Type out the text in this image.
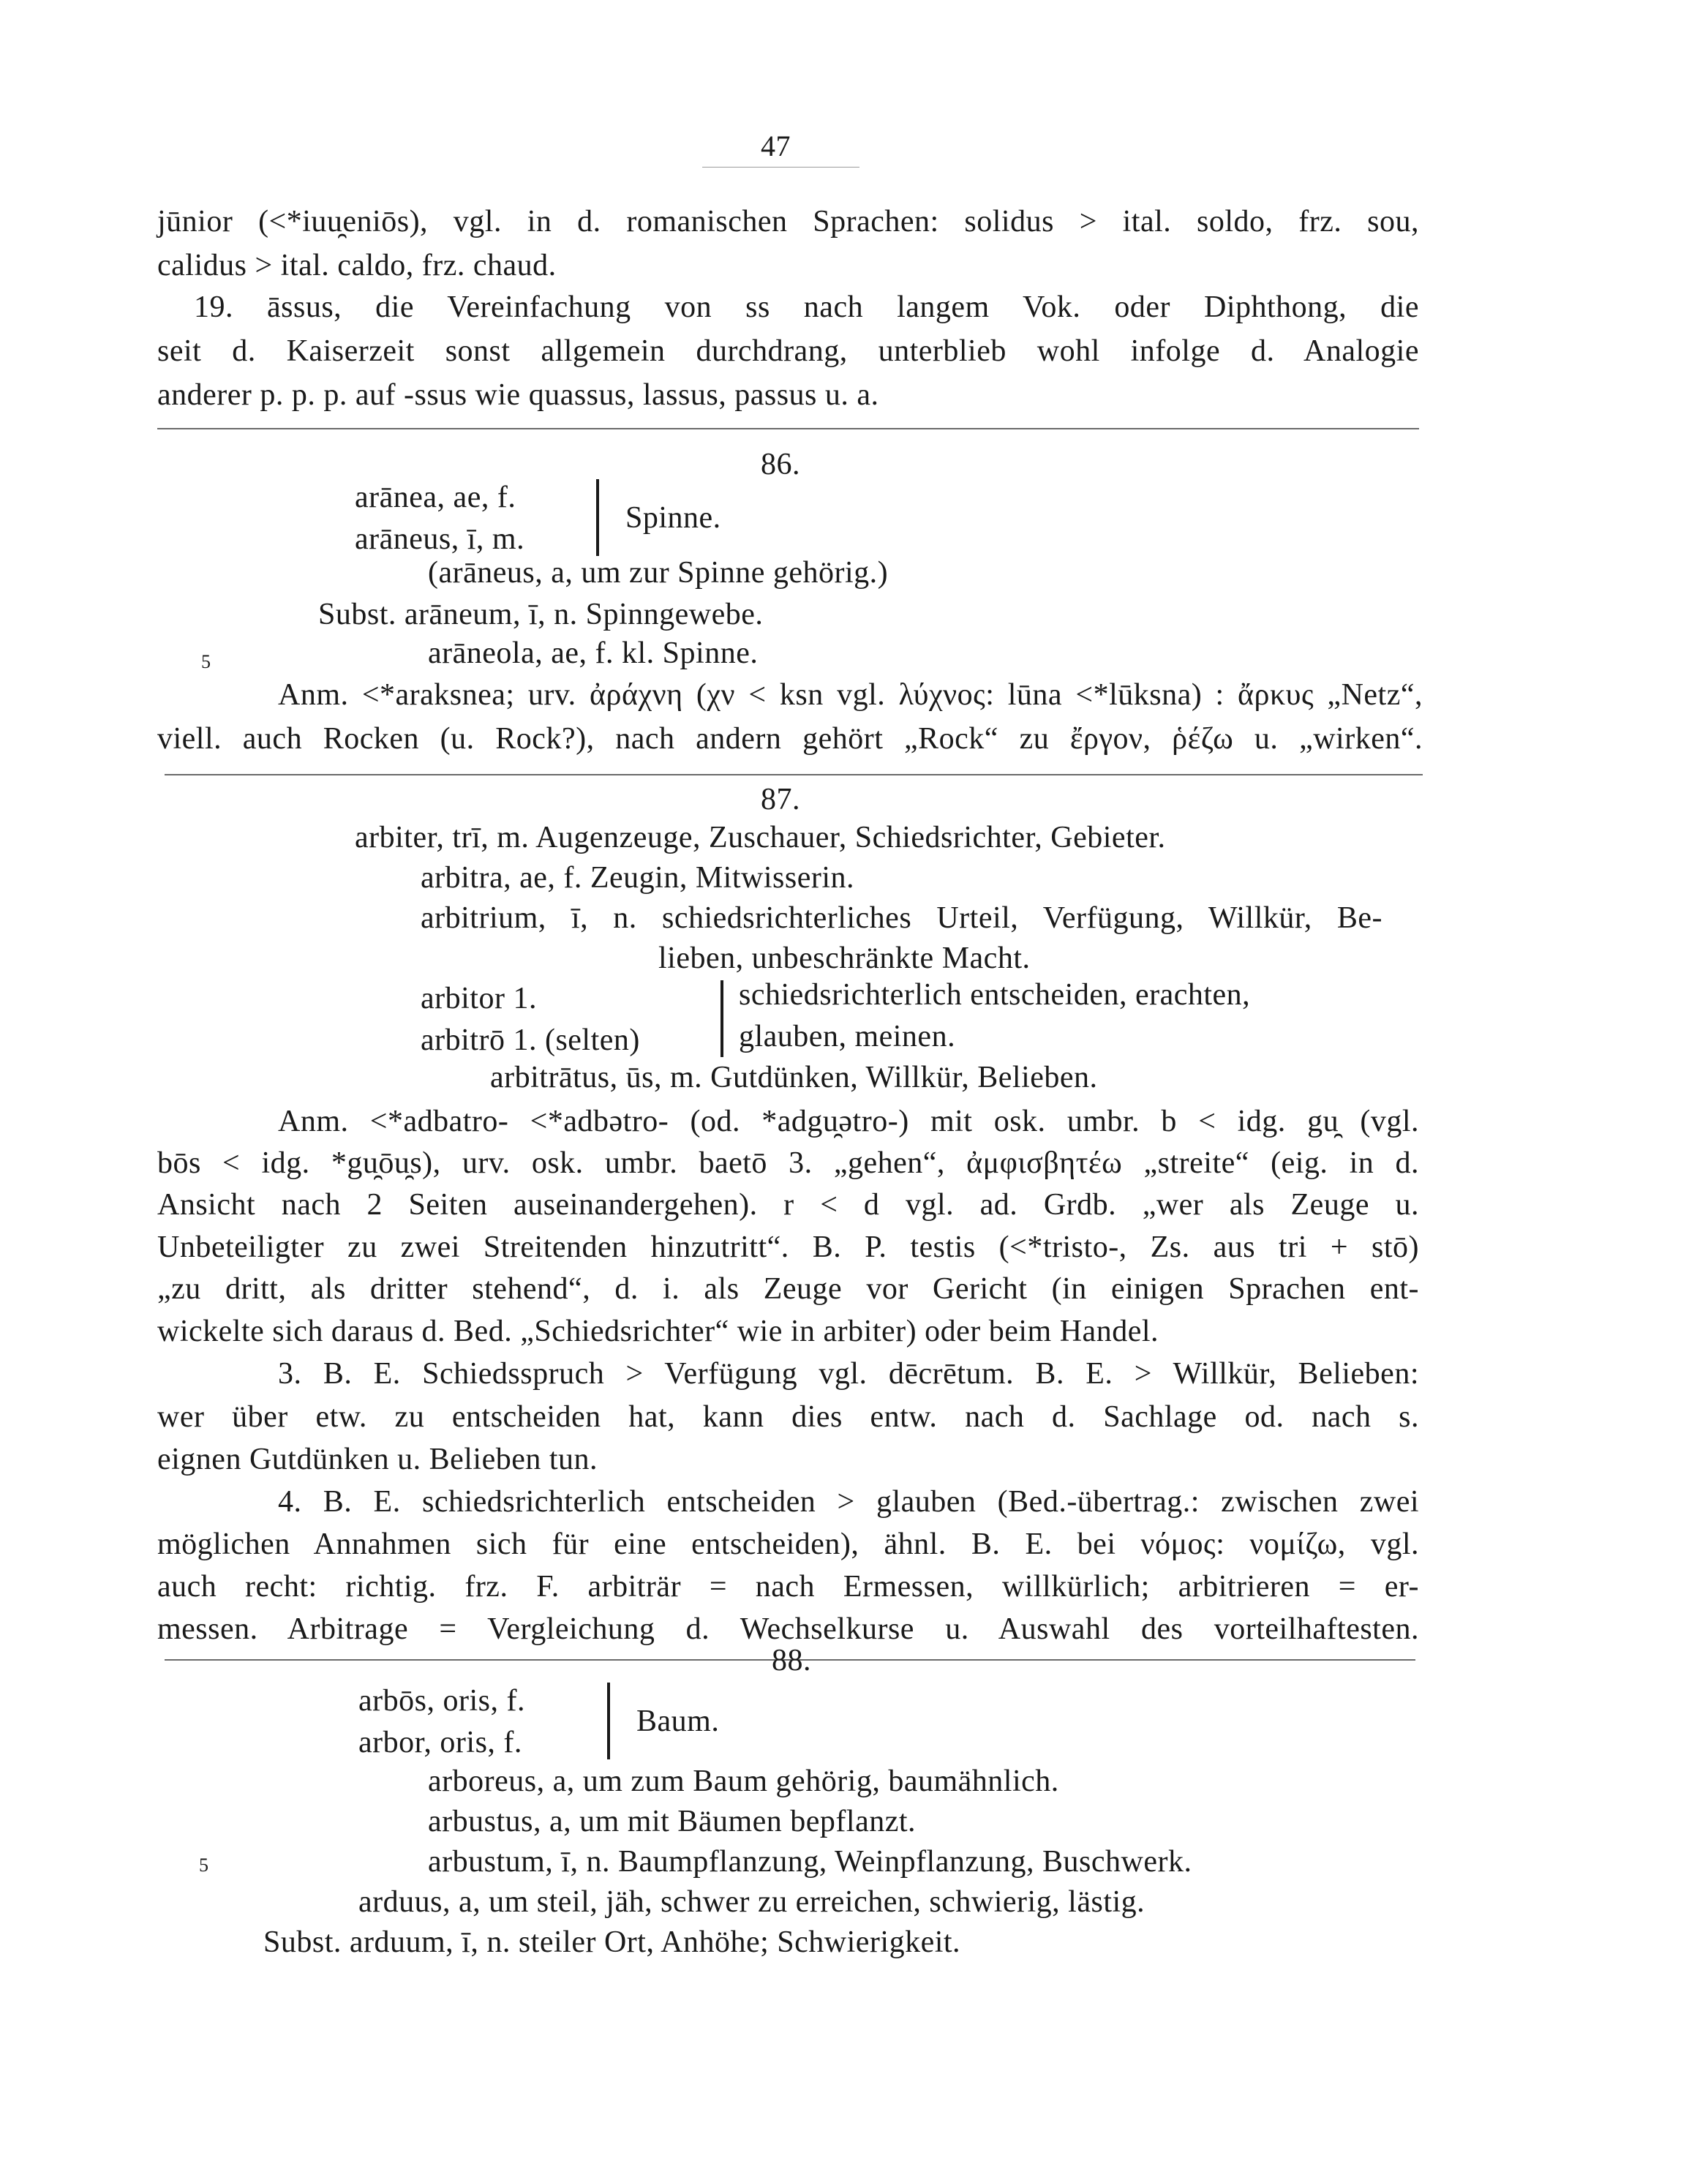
47
jūnior (<*iuu̯eniōs), vgl. in d. romanischen Sprachen: solidus > ital. soldo, frz. sou,
calidus > ital. caldo, frz. chaud.
19. āssus, die Vereinfachung von ss nach langem Vok. oder Diphthong, die
seit d. Kaiserzeit sonst allgemein durchdrang, unterblieb wohl infolge d. Analogie
anderer p. p. p. auf -ssus wie quassus, lassus, passus u. a.
86.
arānea, ae, f.
arāneus, ī, m.
Spinne.
(arāneus, a, um zur Spinne gehörig.)
Subst. arāneum, ī, n. Spinngewebe.
5	arāneola, ae, f. kl. Spinne.
Anm. <*araksnea; urv. ἀράχνη (χν < ksn vgl. λύχνος: lūna <*lūksna) : ἄρκυς „Netz“,
viell. auch Rocken (u. Rock?), nach andern gehört „Rock“ zu ἔργον, ῥέζω u. „wirken“.
87.
arbiter, trī, m. Augenzeuge, Zuschauer, Schiedsrichter, Gebieter.
arbitra, ae, f. Zeugin, Mitwisserin.
arbitrium, ī, n. schiedsrichterliches Urteil, Verfügung, Willkür, Be-
lieben, unbeschränkte Macht.
arbitor 1.
arbitrō 1. (selten)
schiedsrichterlich entscheiden, erachten,
glauben, meinen.
arbitrātus, ūs, m. Gutdünken, Willkür, Belieben.
Anm. <*adbatro- <*adbətro- (od. *adgu̯ətro-) mit osk. umbr. b < idg. gu̯ (vgl.
bōs < idg. *gu̯ōu̯s), urv. osk. umbr. baetō 3. „gehen“, ἀμφισβητέω „streite“ (eig. in d.
Ansicht nach 2 Seiten auseinandergehen). r < d vgl. ad. Grdb. „wer als Zeuge u.
Unbeteiligter zu zwei Streitenden hinzutritt“. B. P. testis (<*tristo-, Zs. aus tri + stō)
„zu dritt, als dritter stehend“, d. i. als Zeuge vor Gericht (in einigen Sprachen ent-
wickelte sich daraus d. Bed. „Schiedsrichter“ wie in arbiter) oder beim Handel.
3. B. E. Schiedsspruch > Verfügung vgl. dēcrētum. B. E. > Willkür, Belieben:
wer über etw. zu entscheiden hat, kann dies entw. nach d. Sachlage od. nach s.
eignen Gutdünken u. Belieben tun.
4. B. E. schiedsrichterlich entscheiden > glauben (Bed.-übertrag.: zwischen zwei
möglichen Annahmen sich für eine entscheiden), ähnl. B. E. bei νόμος: νομίζω, vgl.
auch recht: richtig. frz. F. arbiträr = nach Ermessen, willkürlich; arbitrieren = er-
messen. Arbitrage = Vergleichung d. Wechselkurse u. Auswahl des vorteilhaftesten.
88.
arbōs, oris, f.
arbor, oris, f.
Baum.
arboreus, a, um zum Baum gehörig, baumähnlich.
arbustus, a, um mit Bäumen bepflanzt.
5	arbustum, ī, n. Baumpflanzung, Weinpflanzung, Buschwerk.
arduus, a, um steil, jäh, schwer zu erreichen, schwierig, lästig.
Subst. arduum, ī, n. steiler Ort, Anhöhe; Schwierigkeit.
